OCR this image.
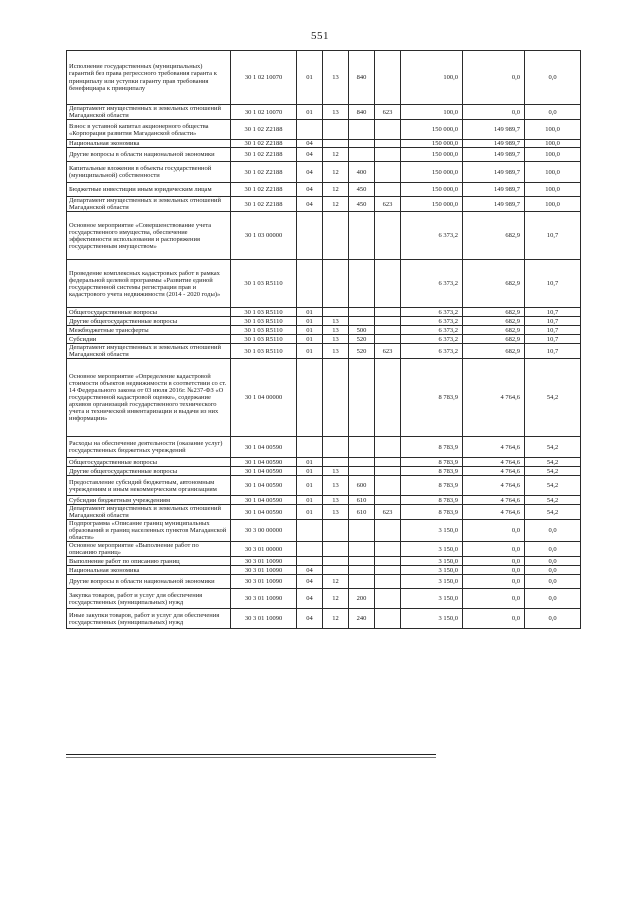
551
Исполнение государственных (муниципальных) гарантий без права регрессного требования гаранта к принципалу или уступки гаранту прав требования бенефициара к принципалу	30 1 02 10070	01	13	840		100,0	0,0	0,0
Департамент имущественных и земельных отношений Магаданской области	30 1 02 10070	01	13	840	623	100,0	0,0	0,0
Взнос в уставной капитал акционерного общества «Корпорация развития Магаданской области»	30 1 02 Z2188					150 000,0	149 989,7	100,0
Национальная экономика	30 1 02 Z2188	04				150 000,0	149 989,7	100,0
Другие вопросы в области национальной экономики	30 1 02 Z2188	04	12			150 000,0	149 989,7	100,0
Капитальные вложения в объекты государственной (муниципальной) собственности	30 1 02 Z2188	04	12	400		150 000,0	149 989,7	100,0
Бюджетные инвестиции иным юридическим лицам	30 1 02 Z2188	04	12	450		150 000,0	149 989,7	100,0
Департамент имущественных и земельных отношений Магаданской области	30 1 02 Z2188	04	12	450	623	150 000,0	149 989,7	100,0
Основное мероприятие «Совершенствование учета государственного имущества, обеспечение эффективности использования и распоряжения государственным имуществом»	30 1 03 00000					6 373,2	682,9	10,7
Проведение комплексных кадастровых работ в рамках федеральной целевой программы «Развитие единой государственной системы регистрации прав и кадастрового учета недвижимости (2014 - 2020 годы)»	30 1 03 R5110					6 373,2	682,9	10,7
Общегосударственные вопросы	30 1 03 R5110	01				6 373,2	682,9	10,7
Другие общегосударственные вопросы	30 1 03 R5110	01	13			6 373,2	682,9	10,7
Межбюджетные трансферты	30 1 03 R5110	01	13	500		6 373,2	682,9	10,7
Субсидии	30 1 03 R5110	01	13	520		6 373,2	682,9	10,7
Департамент имущественных и земельных отношений Магаданской области	30 1 03 R5110	01	13	520	623	6 373,2	682,9	10,7
Основное мероприятие «Определение кадастровой стоимости объектов недвижимости в соответствии со ст. 14 Федерального закона от 03 июля 2016г. №237-ФЗ «О государственной кадастровой оценке», содержание архивов организаций государственного технического учета и технической инвентаризации и выдачи из них информации»	30 1 04 00000					8 783,9	4 764,6	54,2
Расходы на обеспечение деятельности (оказание услуг) государственных бюджетных учреждений	30 1 04 00590					8 783,9	4 764,6	54,2
Общегосударственные вопросы	30 1 04 00590	01				8 783,9	4 764,6	54,2
Другие общегосударственные вопросы	30 1 04 00590	01	13			8 783,9	4 764,6	54,2
Предоставление субсидий бюджетным, автономным учреждениям и иным некоммерческим организациям	30 1 04 00590	01	13	600		8 783,9	4 764,6	54,2
Субсидии бюджетным учреждениям	30 1 04 00590	01	13	610		8 783,9	4 764,6	54,2
Департамент имущественных и земельных отношений Магаданской области	30 1 04 00590	01	13	610	623	8 783,9	4 764,6	54,2
Подпрограмма «Описание границ муниципальных образований и границ населенных пунктов Магаданской области»	30 3 00 00000					3 150,0	0,0	0,0
Основное мероприятие «Выполнение работ по описанию границ»	30 3 01 00000					3 150,0	0,0	0,0
Выполнение работ по описанию границ	30 3 01 10090					3 150,0	0,0	0,0
Национальная экономика	30 3 01 10090	04				3 150,0	0,0	0,0
Другие вопросы в области национальной экономики	30 3 01 10090	04	12			3 150,0	0,0	0,0
Закупка товаров, работ и услуг для обеспечения государственных (муниципальных) нужд	30 3 01 10090	04	12	200		3 150,0	0,0	0,0
Иные закупки товаров, работ и услуг для обеспечения государственных (муниципальных) нужд	30 3 01 10090	04	12	240		3 150,0	0,0	0,0
